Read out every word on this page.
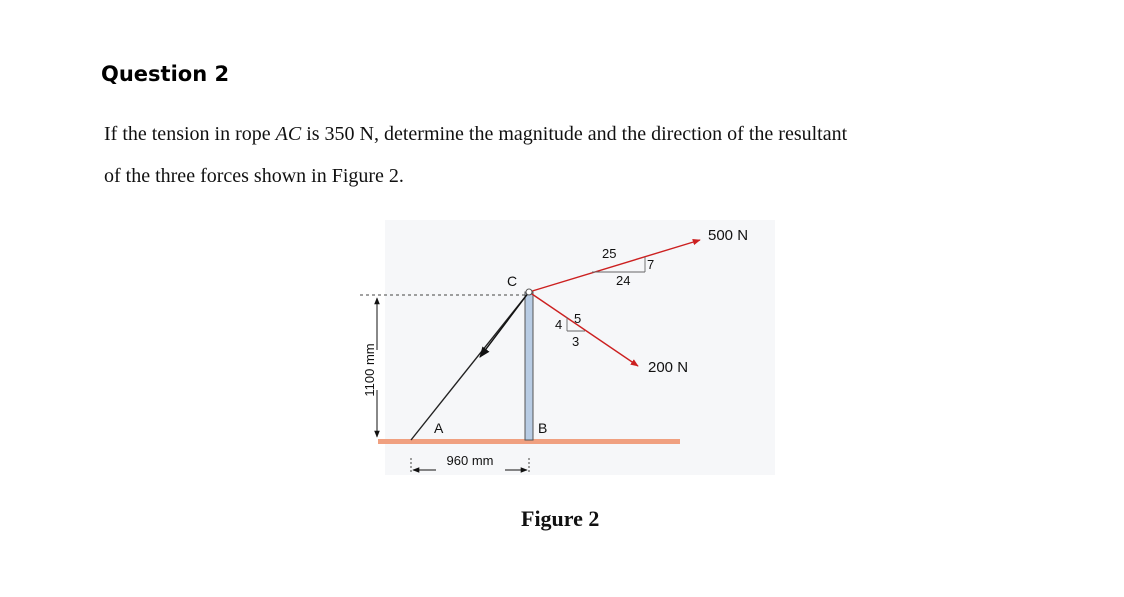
Question 2
If the tension in rope AC is 350 N, determine the magnitude and the direction of the resultant
of the three forces shown in Figure 2.
1100 mm
960 mm
C
A	B
500 N
200 N
25
24
7
4 5
3
Figure 2
